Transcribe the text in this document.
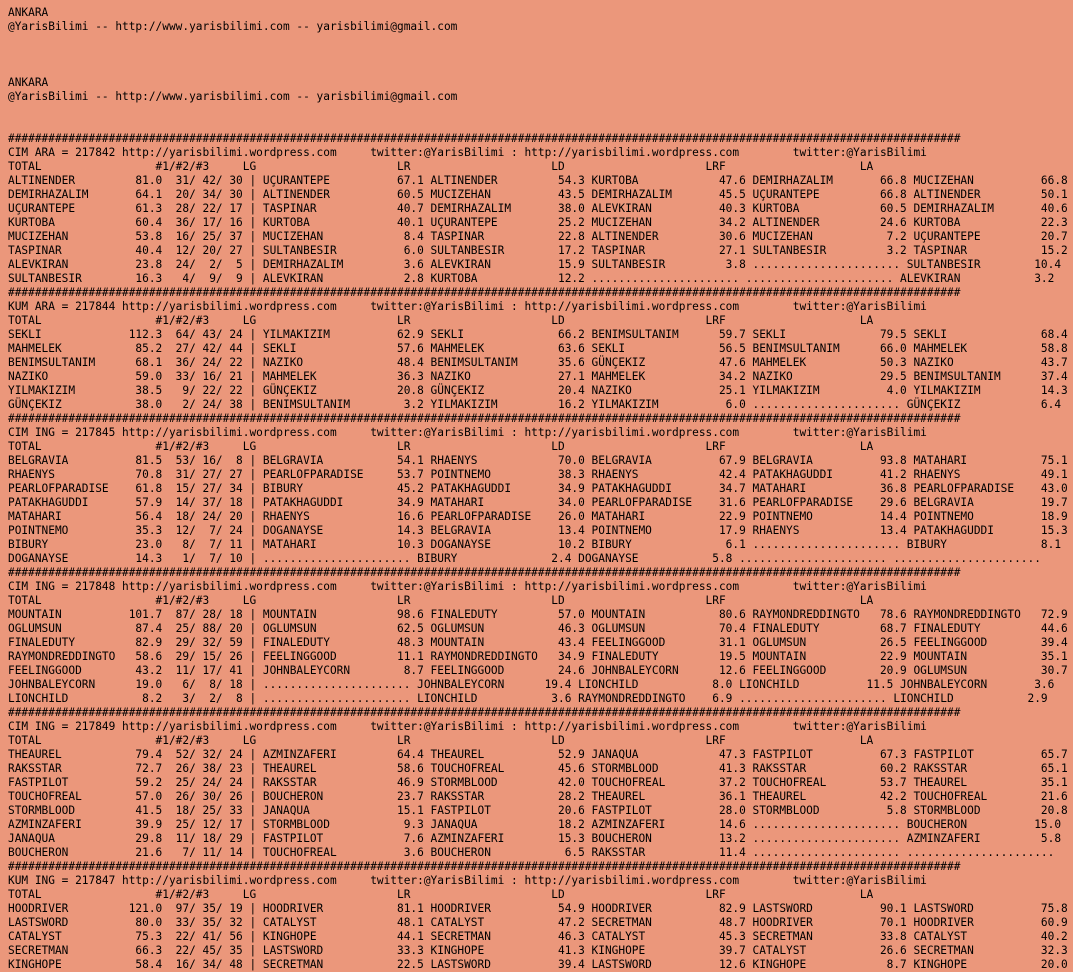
ANKARA
@YarisBilimi -- http://www.yarisbilimi.com -- yarisbilimi@gmail.com
ANKARA
@YarisBilimi -- http://www.yarisbilimi.com -- yarisbilimi@gmail.com
##############################################################################################################################################
CIM ARA = 217842 http://yarisbilimi.wordpress.com     twitter:@YarisBilimi : http://yarisbilimi.wordpress.com        twitter:@YarisBilimi
TOTAL                 #1/#2/#3     LG                     LR                     LD                     LRF                    LA
ALTINENDER         81.0  31/ 42/ 30 | UÇURANTEPE          67.1 ALTINENDER         54.3 KURTOBA            47.6 DEMIRHAZALIM       66.8 MUCIZEHAN          66.8
DEMIRHAZALIM       64.1  20/ 34/ 30 | ALTINENDER          60.5 MUCIZEHAN          43.5 DEMIRHAZALIM       45.5 UÇURANTEPE         66.8 ALTINENDER         50.1
UÇURANTEPE         61.3  28/ 22/ 17 | TASPINAR            40.7 DEMIRHAZALIM       38.0 ALEVKIRAN          40.3 KURTOBA            60.5 DEMIRHAZALIM       40.6
KURTOBA            60.4  36/ 17/ 16 | KURTOBA             40.1 UÇURANTEPE         25.2 MUCIZEHAN          34.2 ALTINENDER         24.6 KURTOBA            22.3
MUCIZEHAN          53.8  16/ 25/ 37 | MUCIZEHAN            8.4 TASPINAR           22.8 ALTINENDER         30.6 MUCIZEHAN           7.2 UÇURANTEPE         20.7
TASPINAR           40.4  12/ 20/ 27 | SULTANBESIR          6.0 SULTANBESIR        17.2 TASPINAR           27.1 SULTANBESIR         3.2 TASPINAR           15.2
ALEVKIRAN          23.8  24/  2/  5 | DEMIRHAZALIM         3.6 ALEVKIRAN          15.9 SULTANBESIR         3.8 ...................... SULTANBESIR        10.4
SULTANBESIR        16.3   4/  9/  9 | ALEVKIRAN            2.8 KURTOBA            12.2 ...................... ...................... ALEVKIRAN           3.2
##############################################################################################################################################
KUM ARA = 217844 http://yarisbilimi.wordpress.com     twitter:@YarisBilimi : http://yarisbilimi.wordpress.com        twitter:@YarisBilimi
TOTAL                 #1/#2/#3     LG                     LR                     LD                     LRF                    LA
SEKLI             112.3  64/ 43/ 24 | YILMAKIZIM          62.9 SEKLI              66.2 BENIMSULTANIM      59.7 SEKLI              79.5 SEKLI              68.4
MAHMELEK           85.2  27/ 42/ 44 | SEKLI               57.6 MAHMELEK           63.6 SEKLI              56.5 BENIMSULTANIM      66.0 MAHMELEK           58.8
BENIMSULTANIM      68.1  36/ 24/ 22 | NAZIKO              48.4 BENIMSULTANIM      35.6 GÜNÇEKIZ           47.6 MAHMELEK           50.3 NAZIKO             43.7
NAZIKO             59.0  33/ 16/ 21 | MAHMELEK            36.3 NAZIKO             27.1 MAHMELEK           34.2 NAZIKO             29.5 BENIMSULTANIM      37.4
YILMAKIZIM         38.5   9/ 22/ 22 | GÜNÇEKIZ            20.8 GÜNÇEKIZ           20.4 NAZIKO             25.1 YILMAKIZIM          4.0 YILMAKIZIM         14.3
GÜNÇEKIZ           38.0   2/ 24/ 38 | BENIMSULTANIM        3.2 YILMAKIZIM         16.2 YILMAKIZIM          6.0 ...................... GÜNÇEKIZ            6.4
##############################################################################################################################################
CIM ING = 217845 http://yarisbilimi.wordpress.com     twitter:@YarisBilimi : http://yarisbilimi.wordpress.com        twitter:@YarisBilimi
TOTAL                 #1/#2/#3     LG                     LR                     LD                     LRF                    LA
BELGRAVIA          81.5  53/ 16/  8 | BELGRAVIA           54.1 RHAENYS            70.0 BELGRAVIA          67.9 BELGRAVIA          93.8 MATAHARI           75.1
RHAENYS            70.8  31/ 27/ 27 | PEARLOFPARADISE     53.7 POINTNEMO          38.3 RHAENYS            42.4 PATAKHAGUDDI       41.2 RHAENYS            49.1
PEARLOFPARADISE    61.8  15/ 27/ 34 | BIBURY              45.2 PATAKHAGUDDI       34.9 PATAKHAGUDDI       34.7 MATAHARI           36.8 PEARLOFPARADISE    43.0
PATAKHAGUDDI       57.9  14/ 37/ 18 | PATAKHAGUDDI        34.9 MATAHARI           34.0 PEARLOFPARADISE    31.6 PEARLOFPARADISE    29.6 BELGRAVIA          19.7
MATAHARI           56.4  18/ 24/ 20 | RHAENYS             16.6 PEARLOFPARADISE    26.0 MATAHARI           22.9 POINTNEMO          14.4 POINTNEMO          18.9
POINTNEMO          35.3  12/  7/ 24 | DOGANAYSE           14.3 BELGRAVIA          13.4 POINTNEMO          17.9 RHAENYS            13.4 PATAKHAGUDDI       15.3
BIBURY             23.0   8/  7/ 11 | MATAHARI            10.3 DOGANAYSE          10.2 BIBURY              6.1 ...................... BIBURY              8.1
DOGANAYSE          14.3   1/  7/ 10 | ...................... BIBURY              2.4 DOGANAYSE           5.8 ...................... ......................
##############################################################################################################################################
CIM ING = 217848 http://yarisbilimi.wordpress.com     twitter:@YarisBilimi : http://yarisbilimi.wordpress.com        twitter:@YarisBilimi
TOTAL                 #1/#2/#3     LG                     LR                     LD                     LRF                    LA
MOUNTAIN          101.7  87/ 28/ 18 | MOUNTAIN            98.6 FINALEDUTY         57.0 MOUNTAIN           80.6 RAYMONDREDDINGTO   78.6 RAYMONDREDDINGTO   72.9
OGLUMSUN           87.4  25/ 88/ 20 | OGLUMSUN            62.5 OGLUMSUN           46.3 OGLUMSUN           70.4 FINALEDUTY         68.7 FINALEDUTY         44.6
FINALEDUTY         82.9  29/ 32/ 59 | FINALEDUTY          48.3 MOUNTAIN           43.4 FEELINGGOOD        31.1 OGLUMSUN           26.5 FEELINGGOOD        39.4
RAYMONDREDDINGTO   58.6  29/ 15/ 26 | FEELINGGOOD         11.1 RAYMONDREDDINGTO   34.9 FINALEDUTY         19.5 MOUNTAIN           22.9 MOUNTAIN           35.1
FEELINGGOOD        43.2  11/ 17/ 41 | JOHNBALEYCORN        8.7 FEELINGGOOD        24.6 JOHNBALEYCORN      12.6 FEELINGGOOD        20.9 OGLUMSUN           30.7
JOHNBALEYCORN      19.0   6/  8/ 18 | ...................... JOHNBALEYCORN      19.4 LIONCHILD           8.0 LIONCHILD          11.5 JOHNBALEYCORN       3.6
LIONCHILD           8.2   3/  2/  8 | ...................... LIONCHILD           3.6 RAYMONDREDDINGTO    6.9 ...................... LIONCHILD           2.9
##############################################################################################################################################
CIM ING = 217849 http://yarisbilimi.wordpress.com     twitter:@YarisBilimi : http://yarisbilimi.wordpress.com        twitter:@YarisBilimi
TOTAL                 #1/#2/#3     LG                     LR                     LD                     LRF                    LA
THEAUREL           79.4  52/ 32/ 24 | AZMINZAFERI         64.4 THEAUREL           52.9 JANAQUA            47.3 FASTPILOT          67.3 FASTPILOT          65.7
RAKSSTAR           72.7  26/ 38/ 23 | THEAUREL            58.6 TOUCHOFREAL        45.6 STORMBLOOD         41.3 RAKSSTAR           60.2 RAKSSTAR           65.1
FASTPILOT          59.2  25/ 24/ 24 | RAKSSTAR            46.9 STORMBLOOD         42.0 TOUCHOFREAL        37.2 TOUCHOFREAL        53.7 THEAUREL           35.1
TOUCHOFREAL        57.0  26/ 30/ 26 | BOUCHERON           23.7 RAKSSTAR           28.2 THEAUREL           36.1 THEAUREL           42.2 TOUCHOFREAL        21.6
STORMBLOOD         41.5  18/ 25/ 33 | JANAQUA             15.1 FASTPILOT          20.6 FASTPILOT          28.0 STORMBLOOD          5.8 STORMBLOOD         20.8
AZMINZAFERI        39.9  25/ 12/ 17 | STORMBLOOD           9.3 JANAQUA            18.2 AZMINZAFERI        14.6 ...................... BOUCHERON          15.0
JANAQUA            29.8  11/ 18/ 29 | FASTPILOT            7.6 AZMINZAFERI        15.3 BOUCHERON          13.2 ...................... AZMINZAFERI         5.8
BOUCHERON          21.6   7/ 11/ 14 | TOUCHOFREAL          3.6 BOUCHERON           6.5 RAKSSTAR           11.4 ...................... ......................
##############################################################################################################################################
KUM ING = 217847 http://yarisbilimi.wordpress.com     twitter:@YarisBilimi : http://yarisbilimi.wordpress.com        twitter:@YarisBilimi
TOTAL                 #1/#2/#3     LG                     LR                     LD                     LRF                    LA
HOODRIVER         121.0  97/ 35/ 19 | HOODRIVER           81.1 HOODRIVER          54.9 HOODRIVER          82.9 LASTSWORD          90.1 LASTSWORD          75.8
LASTSWORD          80.0  33/ 35/ 32 | CATALYST            48.1 CATALYST           47.2 SECRETMAN          48.7 HOODRIVER          70.1 HOODRIVER          60.9
CATALYST           75.3  22/ 41/ 56 | KINGHOPE            44.1 SECRETMAN          46.3 CATALYST           45.3 SECRETMAN          33.8 CATALYST           40.2
SECRETMAN          66.3  22/ 45/ 35 | LASTSWORD           33.3 KINGHOPE           41.3 KINGHOPE           39.7 CATALYST           26.6 SECRETMAN          32.3
KINGHOPE           58.4  16/ 34/ 48 | SECRETMAN           22.5 LASTSWORD          39.4 LASTSWORD          12.6 KINGHOPE            8.7 KINGHOPE           20.0
